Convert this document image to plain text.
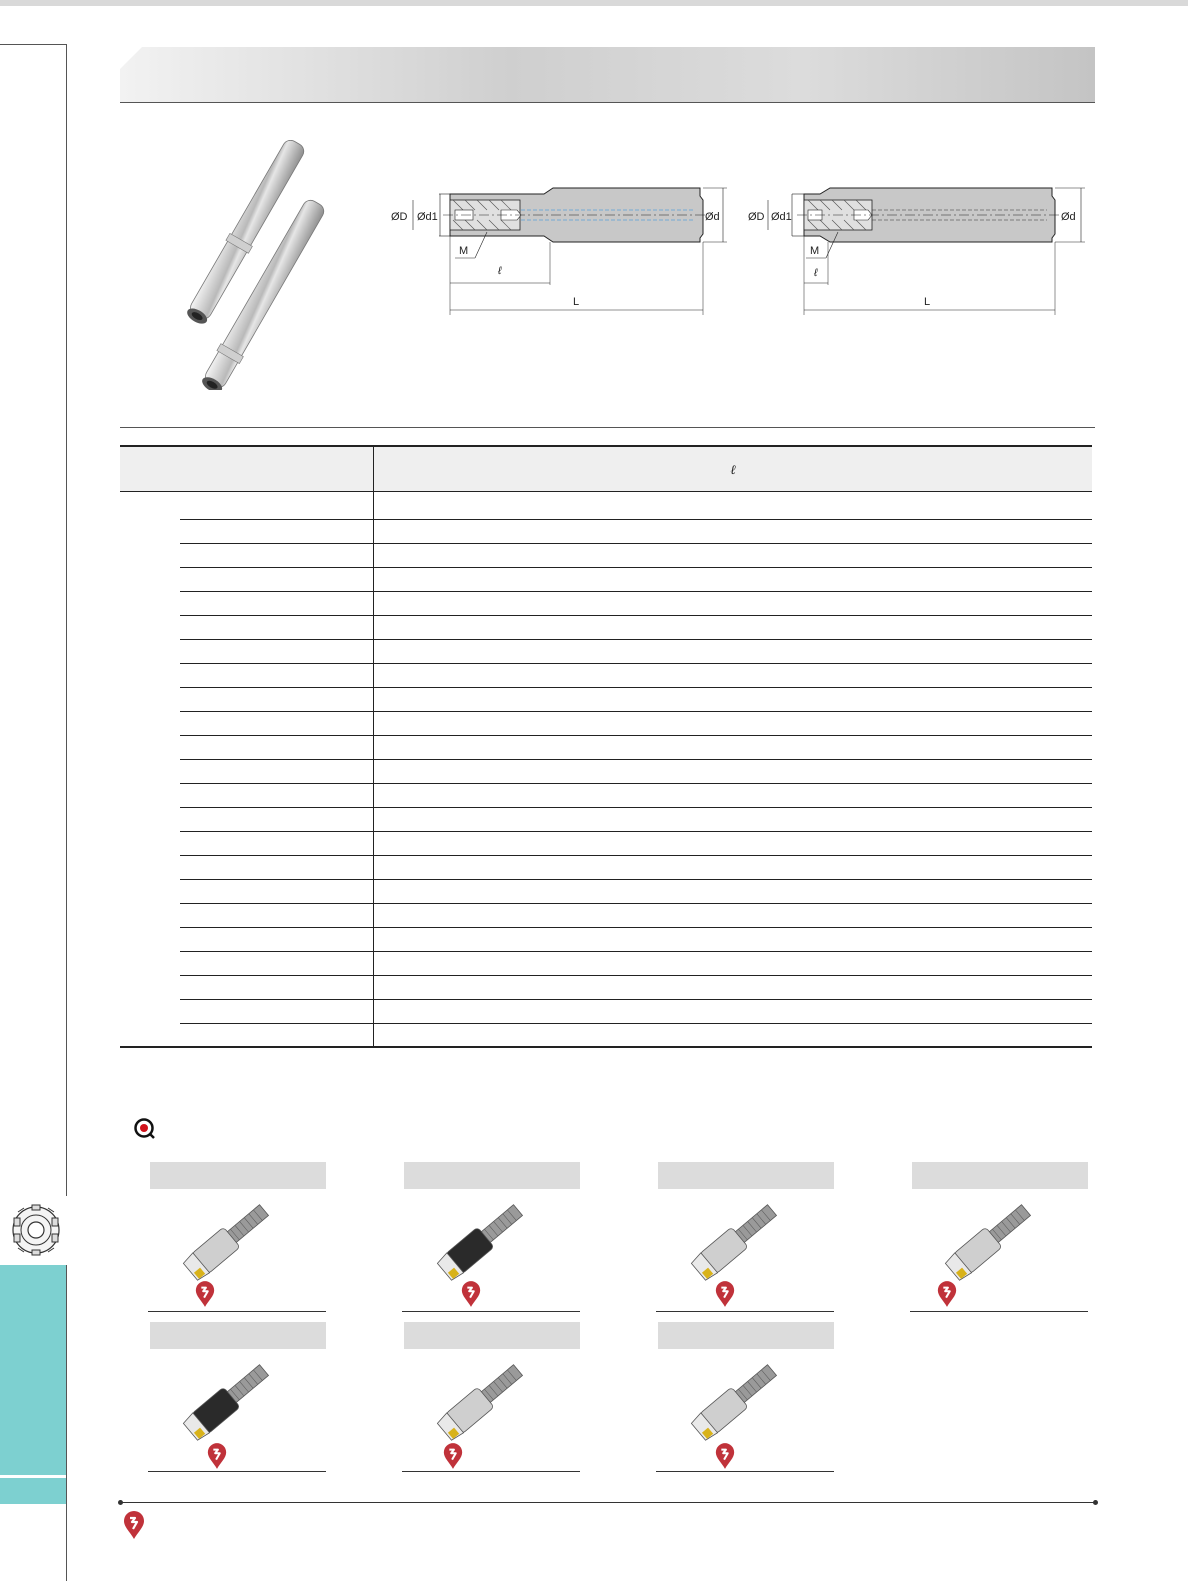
ØD Ød1	Ød
M
ℓ
L
ØD Ød1	Ød
M
ℓ
L
ℓ
